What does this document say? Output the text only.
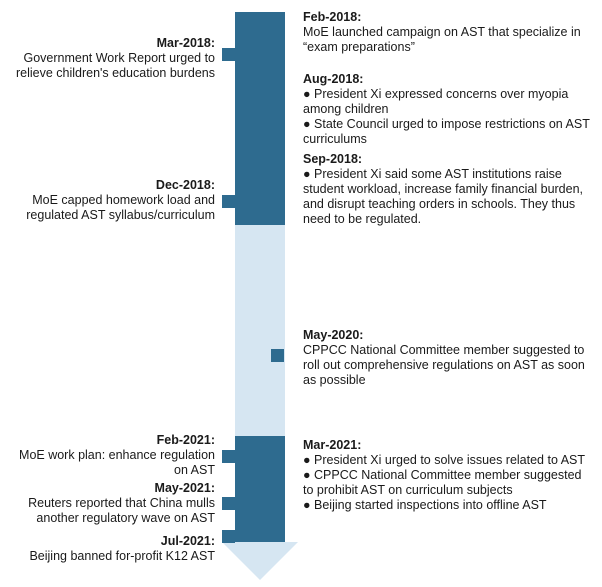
Mar-2018:
Government Work Report urged to relieve children's education burdens
Dec-2018:
MoE capped homework load and regulated AST syllabus/curriculum
Feb-2021:
MoE work plan: enhance regulation on AST
May-2021:
Reuters reported that China mulls another regulatory wave on AST
Jul-2021:
Beijing banned for-profit K12 AST
Feb-2018:
MoE launched campaign on AST that specialize in “exam preparations”
Aug-2018:
● President Xi expressed concerns over myopia among children
● State Council urged to impose restrictions on AST curriculums
Sep-2018:
● President Xi said some AST institutions raise student workload, increase family financial burden, and disrupt teaching orders in schools. They thus need to be regulated.
May-2020:
CPPCC National Committee member suggested to roll out comprehensive regulations on AST as soon as possible
Mar-2021:
● President Xi urged to solve issues related to AST
● CPPCC National Committee member suggested to prohibit AST on curriculum subjects
● Beijing started inspections into offline AST
